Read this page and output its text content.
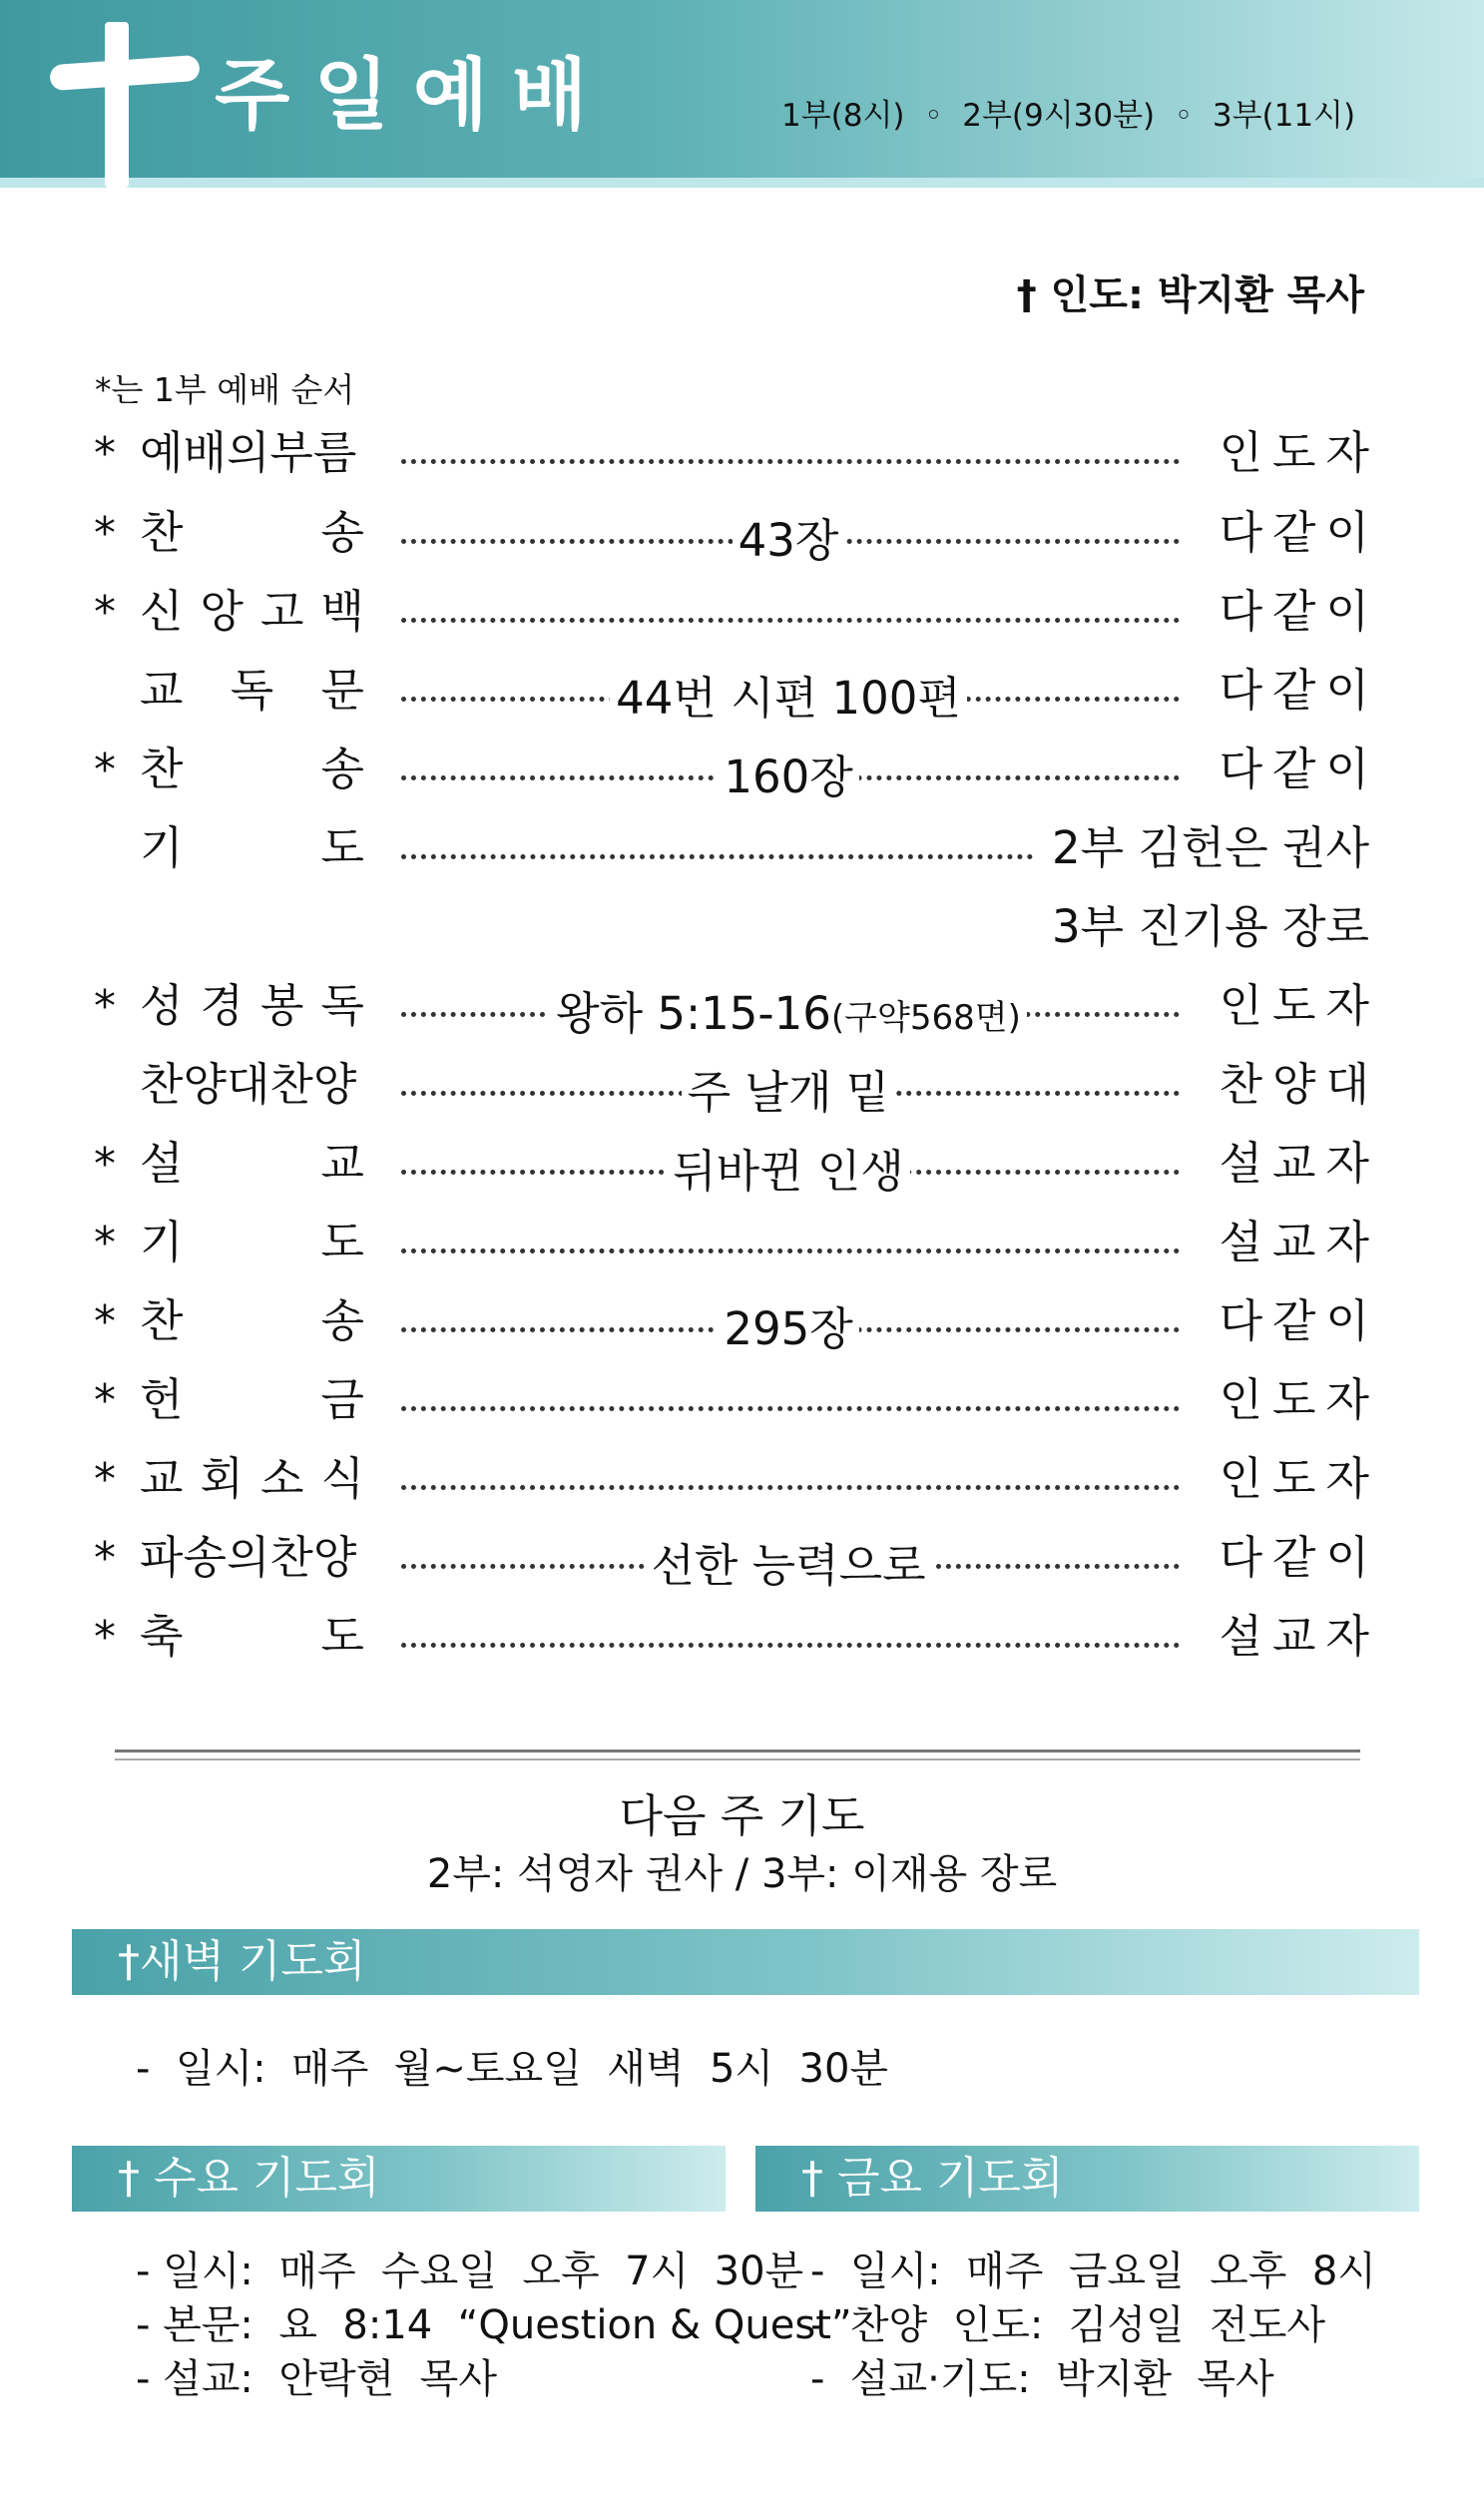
주일예배	1부(8시)  ◦  2부(9시30분)  ◦  3부(11시)
† 인도: 박지환 목사
*는 1부 예배 순서
* 예배의부름	인도자
* 찬	송	43장	다같이
* 신 앙 고 백	다같이
교 독 문	44번 시편 100편	다같이
* 찬	송	160장	다같이
기	도	2부 김헌은 권사
3부 진기용 장로
* 성 경 봉 독	왕하 5:15-16(구약568면)	인도자
찬양대찬양	주 날개 밑	찬양대
* 설	교	뒤바뀐 인생	설교자
* 기	도	설교자
* 찬	송	295장	다같이
* 헌	금	인도자
* 교 회 소 식	인도자
* 파송의찬양	선한 능력으로	다같이
* 축	도	설교자
다음 주 기도
2부: 석영자 권사 / 3부: 이재용 장로
†새벽 기도회
-  일시:  매주  월~토요일  새벽  5시  30분
† 수요 기도회	† 금요 기도회
- 일시:  매주  수요일  오후  7시  30분
- 본문:  요  8:14  “Question & Quest”
- 설교:  안락현  목사
-  일시:  매주  금요일  오후  8시
-  찬양  인도:  김성일  전도사
-  설교·기도:  박지환  목사
